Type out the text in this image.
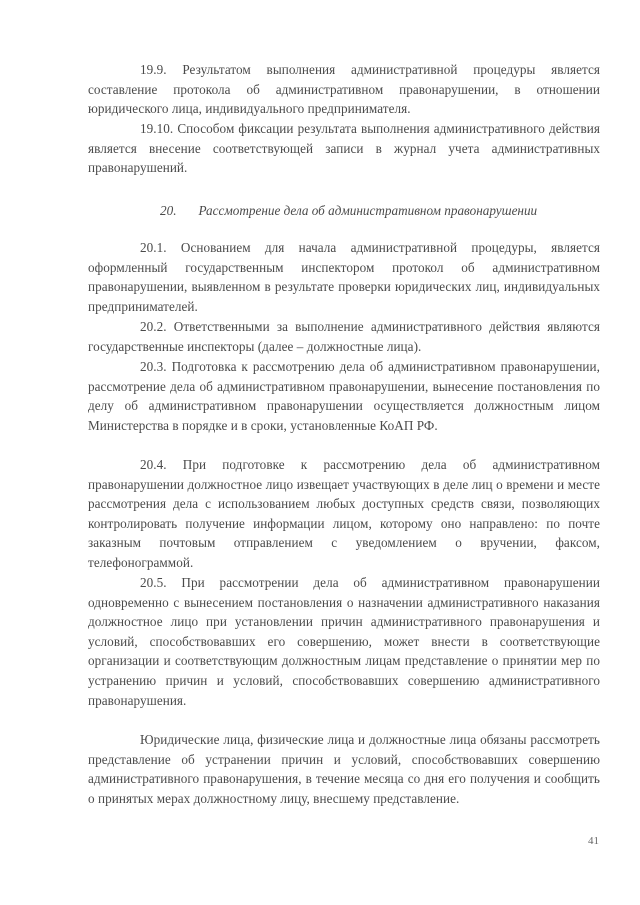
19.9. Результатом выполнения административной процедуры является составление протокола об административном правонарушении, в отношении юридического лица, индивидуального предпринимателя.

19.10. Способом фиксации результата выполнения административного действия является внесение соответствующей записи в журнал учета административных правонарушений.

20. Рассмотрение дела об административном правонарушении

20.1. Основанием для начала административной процедуры, является оформленный государственным инспектором протокол об административном правонарушении, выявленном в результате проверки юридических лиц, индивидуальных предпринимателей.

20.2. Ответственными за выполнение административного действия являются государственные инспекторы (далее – должностные лица).

20.3. Подготовка к рассмотрению дела об административном правонарушении, рассмотрение дела об административном правонарушении, вынесение постановления по делу об административном правонарушении осуществляется должностным лицом Министерства в порядке и в сроки, установленные КоАП РФ.

20.4. При подготовке к рассмотрению дела об административном правонарушении должностное лицо извещает участвующих в деле лиц о времени и месте рассмотрения дела с использованием любых доступных средств связи, позволяющих контролировать получение информации лицом, которому оно направлено: по почте заказным почтовым отправлением с уведомлением о вручении, факсом, телефонограммой.

20.5. При рассмотрении дела об административном правонарушении одновременно с вынесением постановления о назначении административного наказания должностное лицо при установлении причин административного правонарушения и условий, способствовавших его совершению, может внести в соответствующие организации и соответствующим должностным лицам представление о принятии мер по устранению причин и условий, способствовавших совершению административного правонарушения.

Юридические лица, физические лица и должностные лица обязаны рассмотреть представление об устранении причин и условий, способствовавших совершению административного правонарушения, в течение месяца со дня его получения и сообщить о принятых мерах должностному лицу, внесшему представление.

41
